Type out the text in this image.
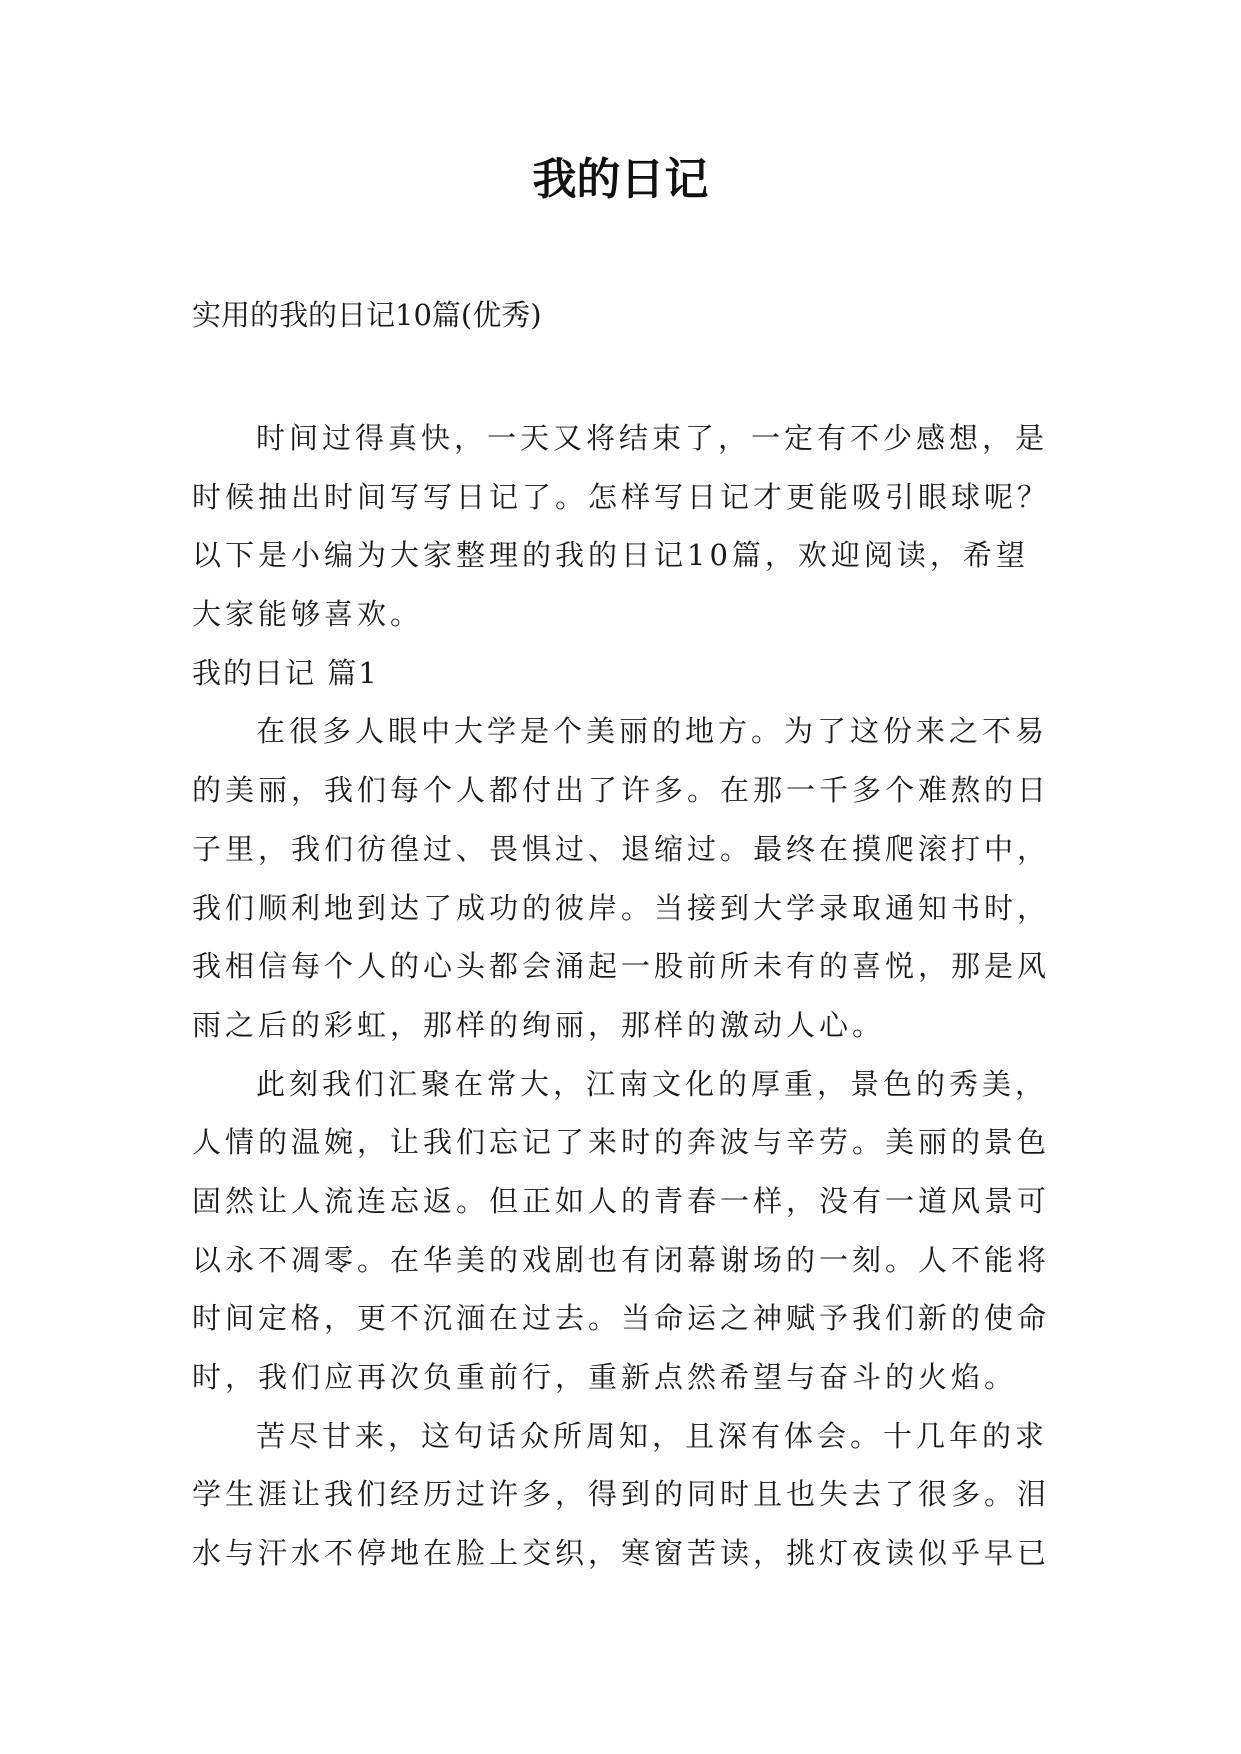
我的日记
实用的我的日记10篇(优秀)
时间过得真快，一天又将结束了，一定有不少感想，是
时候抽出时间写写日记了。怎样写日记才更能吸引眼球呢？
以下是小编为大家整理的我的日记10篇，欢迎阅读，希望
大家能够喜欢。
我的日记 篇1
在很多人眼中大学是个美丽的地方。为了这份来之不易
的美丽，我们每个人都付出了许多。在那一千多个难熬的日
子里，我们彷徨过、畏惧过、退缩过。最终在摸爬滚打中，
我们顺利地到达了成功的彼岸。当接到大学录取通知书时，
我相信每个人的心头都会涌起一股前所未有的喜悦，那是风
雨之后的彩虹，那样的绚丽，那样的激动人心。
此刻我们汇聚在常大，江南文化的厚重，景色的秀美，
人情的温婉，让我们忘记了来时的奔波与辛劳。美丽的景色
固然让人流连忘返。但正如人的青春一样，没有一道风景可
以永不凋零。在华美的戏剧也有闭幕谢场的一刻。人不能将
时间定格，更不沉湎在过去。当命运之神赋予我们新的使命
时，我们应再次负重前行，重新点然希望与奋斗的火焰。
苦尽甘来，这句话众所周知，且深有体会。十几年的求
学生涯让我们经历过许多，得到的同时且也失去了很多。泪
水与汗水不停地在脸上交织，寒窗苦读，挑灯夜读似乎早已
